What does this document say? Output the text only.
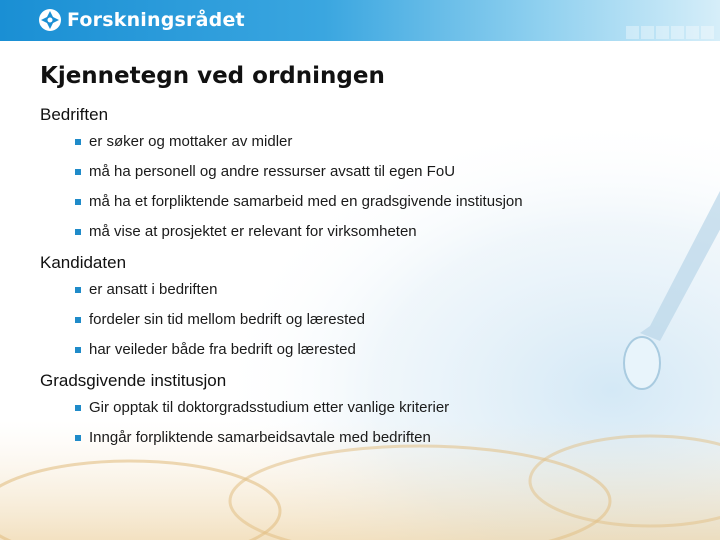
Forskningsrådet
Kjennetegn ved ordningen
Bedriften
er søker og mottaker av midler
må ha personell og andre ressurser avsatt til egen FoU
må ha et forpliktende samarbeid med en gradsgivende institusjon
må vise at prosjektet er relevant for virksomheten
Kandidaten
er ansatt i bedriften
fordeler sin tid mellom bedrift og lærested
har veileder både fra bedrift og lærested
Gradsgivende institusjon
Gir opptak til doktorgradsstudium etter vanlige kriterier
Inngår forpliktende samarbeidsavtale med bedriften
